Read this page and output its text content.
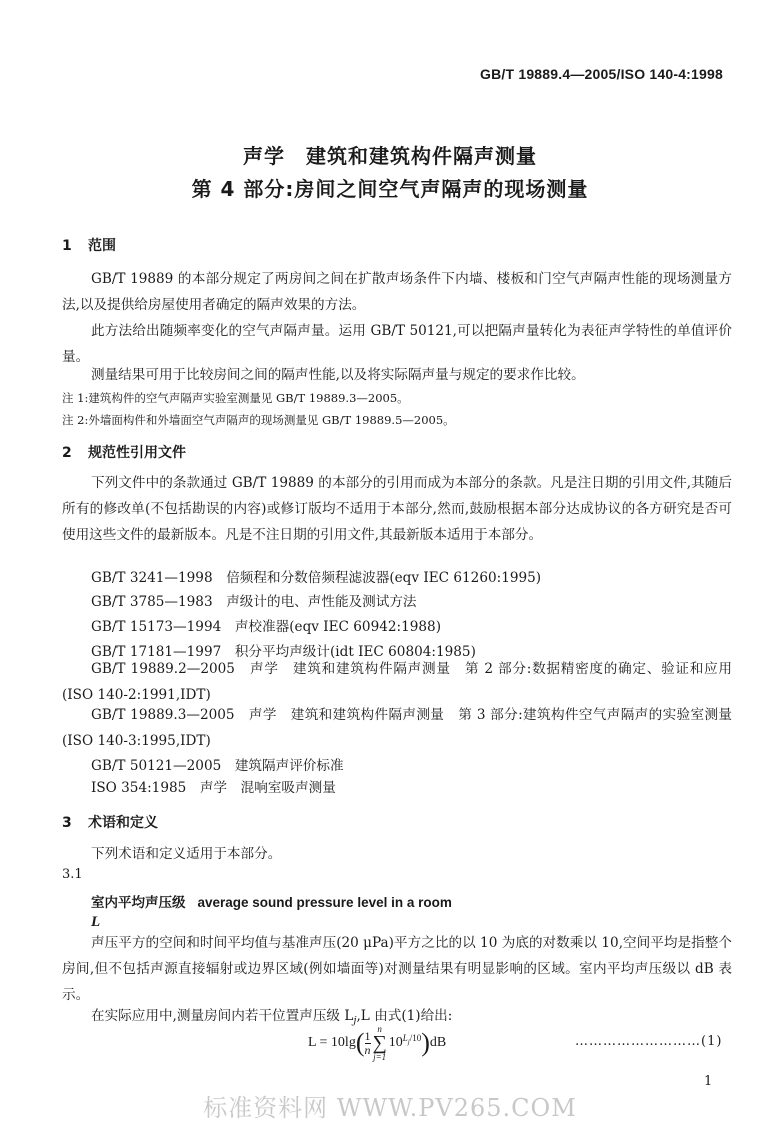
GB/T 19889.4—2005/ISO 140-4:1998
声学　建筑和建筑构件隔声测量
第 4 部分:房间之间空气声隔声的现场测量
1 范围
GB/T 19889 的本部分规定了两房间之间在扩散声场条件下内墙、楼板和门空气声隔声性能的现场测量方法,以及提供给房屋使用者确定的隔声效果的方法。
此方法给出随频率变化的空气声隔声量。运用 GB/T 50121,可以把隔声量转化为表征声学特性的单值评价量。
测量结果可用于比较房间之间的隔声性能,以及将实际隔声量与规定的要求作比较。
注 1:建筑构件的空气声隔声实验室测量见 GB/T 19889.3—2005。
注 2:外墙面构件和外墙面空气声隔声的现场测量见 GB/T 19889.5—2005。
2 规范性引用文件
下列文件中的条款通过 GB/T 19889 的本部分的引用而成为本部分的条款。凡是注日期的引用文件,其随后所有的修改单(不包括勘误的内容)或修订版均不适用于本部分,然而,鼓励根据本部分达成协议的各方研究是否可使用这些文件的最新版本。凡是不注日期的引用文件,其最新版本适用于本部分。
GB/T 3241—1998　倍频程和分数倍频程滤波器(eqv IEC 61260:1995)
GB/T 3785—1983　声级计的电、声性能及测试方法
GB/T 15173—1994　声校准器(eqv IEC 60942:1988)
GB/T 17181—1997　积分平均声级计(idt IEC 60804:1985)
GB/T 19889.2—2005　声学　建筑和建筑构件隔声测量　第 2 部分:数据精密度的确定、验证和应用(ISO 140-2:1991,IDT)
GB/T 19889.3—2005　声学　建筑和建筑构件隔声测量　第 3 部分:建筑构件空气声隔声的实验室测量(ISO 140-3:1995,IDT)
GB/T 50121—2005　建筑隔声评价标准
ISO 354:1985　声学　混响室吸声测量
3 术语和定义
下列术语和定义适用于本部分。
3.1
室内平均声压级 average sound pressure level in a room
L
声压平方的空间和时间平均值与基准声压(20 μPa)平方之比的以 10 为底的对数乘以 10,空间平均是指整个房间,但不包括声源直接辐射或边界区域(例如墙面等)对测量结果有明显影响的区域。室内平均声压级以 dB 表示。
在实际应用中,测量房间内若干位置声压级 $L_j,L$ 由式(1)给出:
$L = 10\lg( \frac{1}{n}$
n
∑
j=1
$10^{L_j/10})dB$	………………………(1)
1
标准资料网 WWW.PV265.COM
